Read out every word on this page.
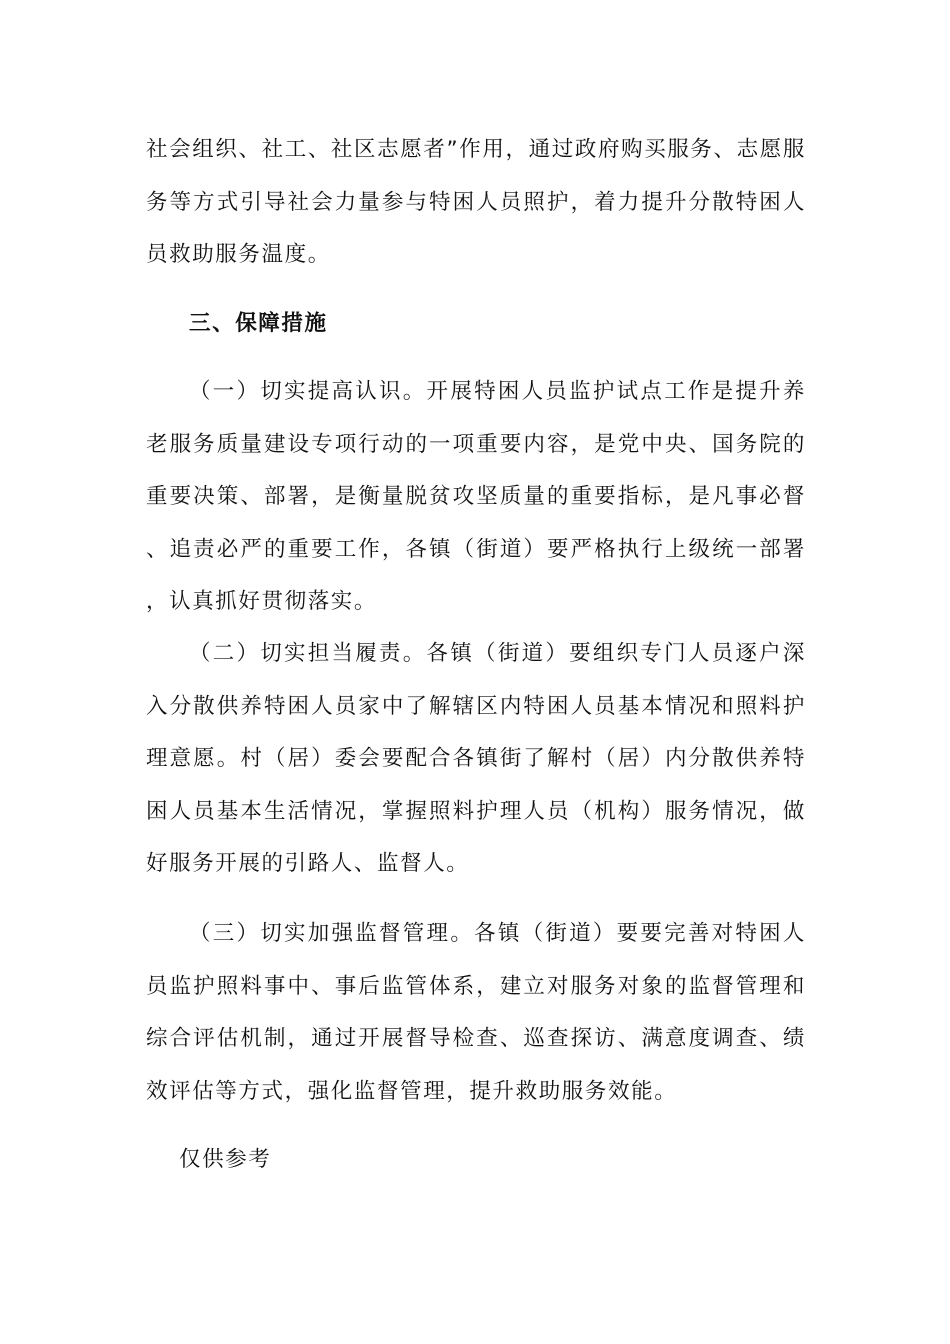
社会组织、社工、社区志愿者”作用，通过政府购买服务、志愿服务等方式引导社会力量参与特困人员照护，着力提升分散特困人员救助服务温度。

三、保障措施

（一）切实提高认识。开展特困人员监护试点工作是提升养老服务质量建设专项行动的一项重要内容，是党中央、国务院的重要决策、部署，是衡量脱贫攻坚质量的重要指标，是凡事必督、追责必严的重要工作，各镇（街道）要严格执行上级统一部署，认真抓好贯彻落实。

（二）切实担当履责。各镇（街道）要组织专门人员逐户深入分散供养特困人员家中了解辖区内特困人员基本情况和照料护理意愿。村（居）委会要配合各镇街了解村（居）内分散供养特困人员基本生活情况，掌握照料护理人员（机构）服务情况，做好服务开展的引路人、监督人。

（三）切实加强监督管理。各镇（街道）要要完善对特困人员监护照料事中、事后监管体系，建立对服务对象的监督管理和综合评估机制，通过开展督导检查、巡查探访、满意度调查、绩效评估等方式，强化监督管理，提升救助服务效能。

仅供参考
